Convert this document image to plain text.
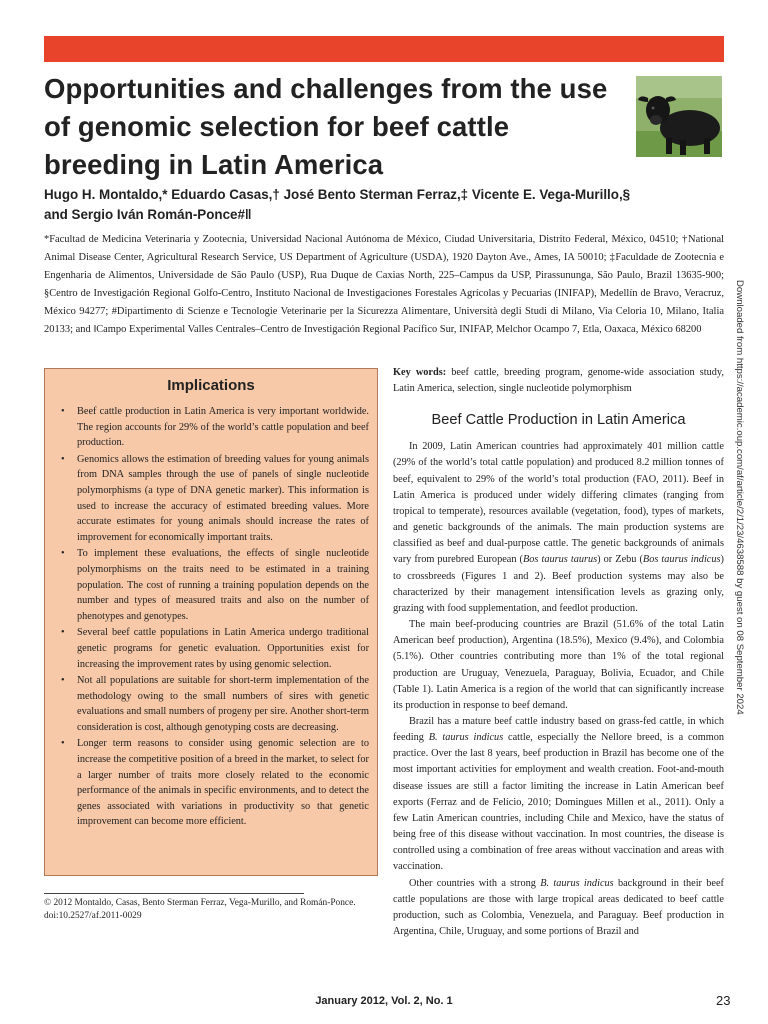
Opportunities and challenges from the use of genomic selection for beef cattle breeding in Latin America

Hugo H. Montaldo,* Eduardo Casas,† José Bento Sterman Ferraz,‡ Vicente E. Vega-Murillo,§
and Sergio Iván Román-Ponce#‖

*Facultad de Medicina Veterinaria y Zootecnia, Universidad Nacional Autónoma de México, Ciudad Universitaria, Distrito Federal, México, 04510; †National Animal Disease Center, Agricultural Research Service, US Department of Agriculture (USDA), 1920 Dayton Ave., Ames, IA 50010; ‡Faculdade de Zootecnia e Engenharia de Alimentos, Universidade de São Paulo (USP), Rua Duque de Caxias North, 225–Campus da USP, Pirassununga, São Paulo, Brazil 13635-900; §Centro de Investigación Regional Golfo-Centro, Instituto Nacional de Investigaciones Forestales Agrícolas y Pecuarias (INIFAP), Medellín de Bravo, Veracruz, México 94277; #Dipartimento di Scienze e Tecnologie Veterinarie per la Sicurezza Alimentare, Università degli Studi di Milano, Via Celoria 10, Milano, Italia 20133; and ‖Campo Experimental Valles Centrales–Centro de Investigación Regional Pacífico Sur, INIFAP, Melchor Ocampo 7, Etla, Oaxaca, México 68200	Downloaded from https://academic.oup.com/af/article/2/1/23/4638588 by guest on 08 September 2024
Implications
• Beef cattle production in Latin America is very important worldwide. The region accounts for 29% of the world’s cattle population and beef production.
• Genomics allows the estimation of breeding values for young animals from DNA samples through the use of panels of single nucleotide polymorphisms (a type of DNA genetic marker). This information is used to increase the accuracy of estimated breeding values. More accurate estimates for young animals should increase the rates of improvement for economically important traits.
• To implement these evaluations, the effects of single nucleotide polymorphisms on the traits need to be estimated in a training population. The cost of running a training population depends on the number and types of measured traits and also on the number of phenotypes and genotypes.
• Several beef cattle populations in Latin America undergo traditional genetic programs for genetic evaluation. Opportunities exist for increasing the improvement rates by using genomic selection.
• Not all populations are suitable for short-term implementation of the methodology owing to the small numbers of sires with genetic evaluations and small numbers of progeny per sire. Another short-term consideration is cost, although genotyping costs are decreasing.
• Longer term reasons to consider using genomic selection are to increase the competitive position of a breed in the market, to select for a larger number of traits more closely related to the economic performance of the animals in specific environments, and to detect the genes associated with variations in productivity so that genetic improvement can become more efficient.
© 2012 Montaldo, Casas, Bento Sterman Ferraz, Vega-Murillo, and Román-Ponce.
doi:10.2527/af.2011-0029

Key words: beef cattle, breeding program, genome-wide association study, Latin America, selection, single nucleotide polymorphism

Beef Cattle Production in Latin America

In 2009, Latin American countries had approximately 401 million cattle (29% of the world’s total cattle population) and produced 8.2 million tonnes of beef, equivalent to 29% of the world’s total production (FAO, 2011). Beef in Latin America is produced under widely differing climates (ranging from tropical to temperate), resources available (vegetation, food), types of markets, and genetic backgrounds of the animals. The main production systems are classified as beef and dual-purpose cattle. The genetic backgrounds of animals vary from purebred European (Bos taurus taurus) or Zebu (Bos taurus indicus) to crossbreeds (Figures 1 and 2). Beef production systems may also be characterized by their management intensification levels as grazing only, grazing with food supplementation, and feedlot production.

The main beef-producing countries are Brazil (51.6% of the total Latin American beef production), Argentina (18.5%), Mexico (9.4%), and Colombia (5.1%). Other countries contributing more than 1% of the total regional production are Uruguay, Venezuela, Paraguay, Bolivia, Ecuador, and Chile (Table 1). Latin America is a region of the world that can significantly increase its production in response to beef demand.

Brazil has a mature beef cattle industry based on grass-fed cattle, in which feeding B. taurus indicus cattle, especially the Nellore breed, is a common practice. Over the last 8 years, beef production in Brazil has become one of the most important activities for employment and wealth creation. Foot-and-mouth disease issues are still a factor limiting the increase in Latin American beef exports (Ferraz and de Felício, 2010; Domingues Millen et al., 2011). Only a few Latin American countries, including Chile and Mexico, have the status of being free of this disease without vaccination. In most countries, the disease is controlled using a combination of free areas without vaccination and areas with vaccination.

Other countries with a strong B. taurus indicus background in their beef cattle populations are those with large tropical areas dedicated to beef cattle production, such as Colombia, Venezuela, and Paraguay. Beef production in Argentina, Chile, Uruguay, and some portions of Brazil and

January 2012, Vol. 2, No. 1	23
